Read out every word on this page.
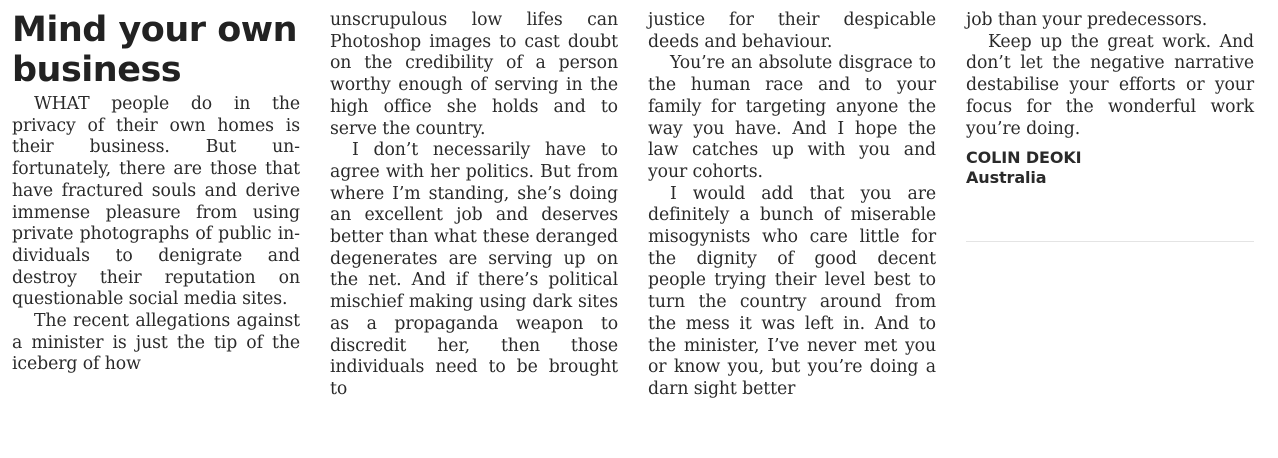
Mind your own business

WHAT people do in the privacy of their own homes is their business. But unfortunately, there are those that have fractured souls and derive immense pleasure from using private photographs of public individuals to denigrate and destroy their reputation on questionable social media sites.

The recent allegations against a minister is just the tip of the iceberg of how

unscrupulous low lifes can Photoshop images to cast doubt on the credibility of a person worthy enough of serving in the high office she holds and to serve the country.

I don’t necessarily have to agree with her politics. But from where I’m standing, she’s doing an excellent job and deserves better than what these deranged degenerates are serving up on the net. And if there’s political mischief making using dark sites as a propaganda weapon to discredit her, then those individuals need to be brought to

justice for their despicable deeds and behaviour.

You’re an absolute disgrace to the human race and to your family for targeting anyone the way you have. And I hope the law catches up with you and your cohorts.

I would add that you are definitely a bunch of miserable misogynists who care little for the dignity of good decent people trying their level best to turn the country around from the mess it was left in. And to the minister, I’ve never met you or know you, but you’re doing a darn sight better

job than your predecessors.

Keep up the great work. And don’t let the negative narrative destabilise your efforts or your focus for the wonderful work you’re doing.

COLIN DEOKI

Australia
